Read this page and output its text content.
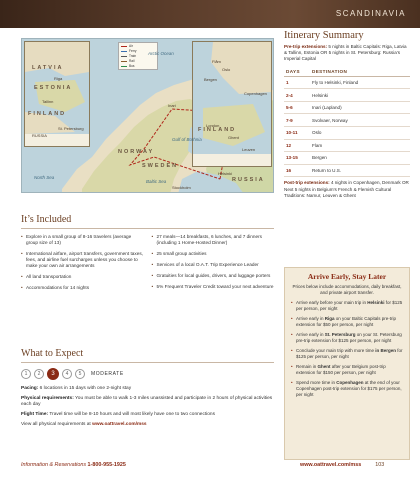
SCANDINAVIA
ESTONIA
LATVIA
FINLAND
St. Petersburg
RUSSIA
Tallinn
Riga
Air
Ferry
Train
Rail
Bus
Oslo
Bergen
Flåm
Copenhagen
London
Ghent
Leuven
Arctic Ocean
North Sea
Baltic Sea
Gulf of Bothnia
NORWAY
SWEDEN
FINLAND
RUSSIA
Helsinki
Inari
Stockholm
Itinerary Summary

Pre-trip extensions: 5 nights in Baltic Capitals: Riga, Latvia & Tallinn, Estonia OR 5 nights in St. Petersburg: Russia’s Imperial Capital

DAYS	DESTINATION
1	Fly to Helsinki, Finland
2-4	Helsinki
5-6	Inari (Lapland)
7-9	Svolvaer, Norway
10-11	Oslo
12	Flam
13-15	Bergen
16	Return to U.S.

Post-trip extensions: 4 nights in Copenhagen, Denmark OR Next 5 nights in Belgium’s French & Flemish Cultural Traditions: Namur, Leuven & Ghent

It’s Included
• Explore in a small group of 8-16 travelers (average group size of 13)
• International airfare, airport transfers, government taxes, fees, and airline fuel surcharges unless you choose to make your own air arrangements
• All land transportation
• Accommodations for 14 nights
• 27 meals—14 breakfasts, 6 lunches, and 7 dinners (including 1 Home-Hosted Dinner)
• 25 small group activities
• Services of a local O.A.T. Trip Experience Leader
• Gratuities for local guides, drivers, and luggage porters
• 5% Frequent Traveler Credit toward your next adventure
What to Expect
1	2	3	4	5	MODERATE

Pacing: 6 locations in 15 days with one 2-night stay

Physical requirements: You must be able to walk 1-3 miles unassisted and participate in 2 hours of physical activities each day

Flight Time: Travel time will be 8-10 hours and will most likely have one to two connections

View all physical requirements at www.oattravel.com/mss

Arrive Early, Stay Later

Prices below include accommodations, daily breakfast, and private airport transfer.

• Arrive early before your main trip in Helsinki for $125 per person, per night
• Arrive early in Riga on your Baltic Capitals pre-trip extension for $50 per person, per night
• Arrive early in St. Petersburg on your St. Petersburg pre-trip extension for $125 per person, per night
• Conclude your main trip with more time in Bergen for $125 per person, per night
• Remain in Ghent after your Belgium post-trip extension for $150 per person, per night
• Spend more time in Copenhagen at the end of your Copenhagen post-trip extension for $175 per person, per night
Information & Reservations 1-800-955-1925	www.oattravel.com/mss	103
